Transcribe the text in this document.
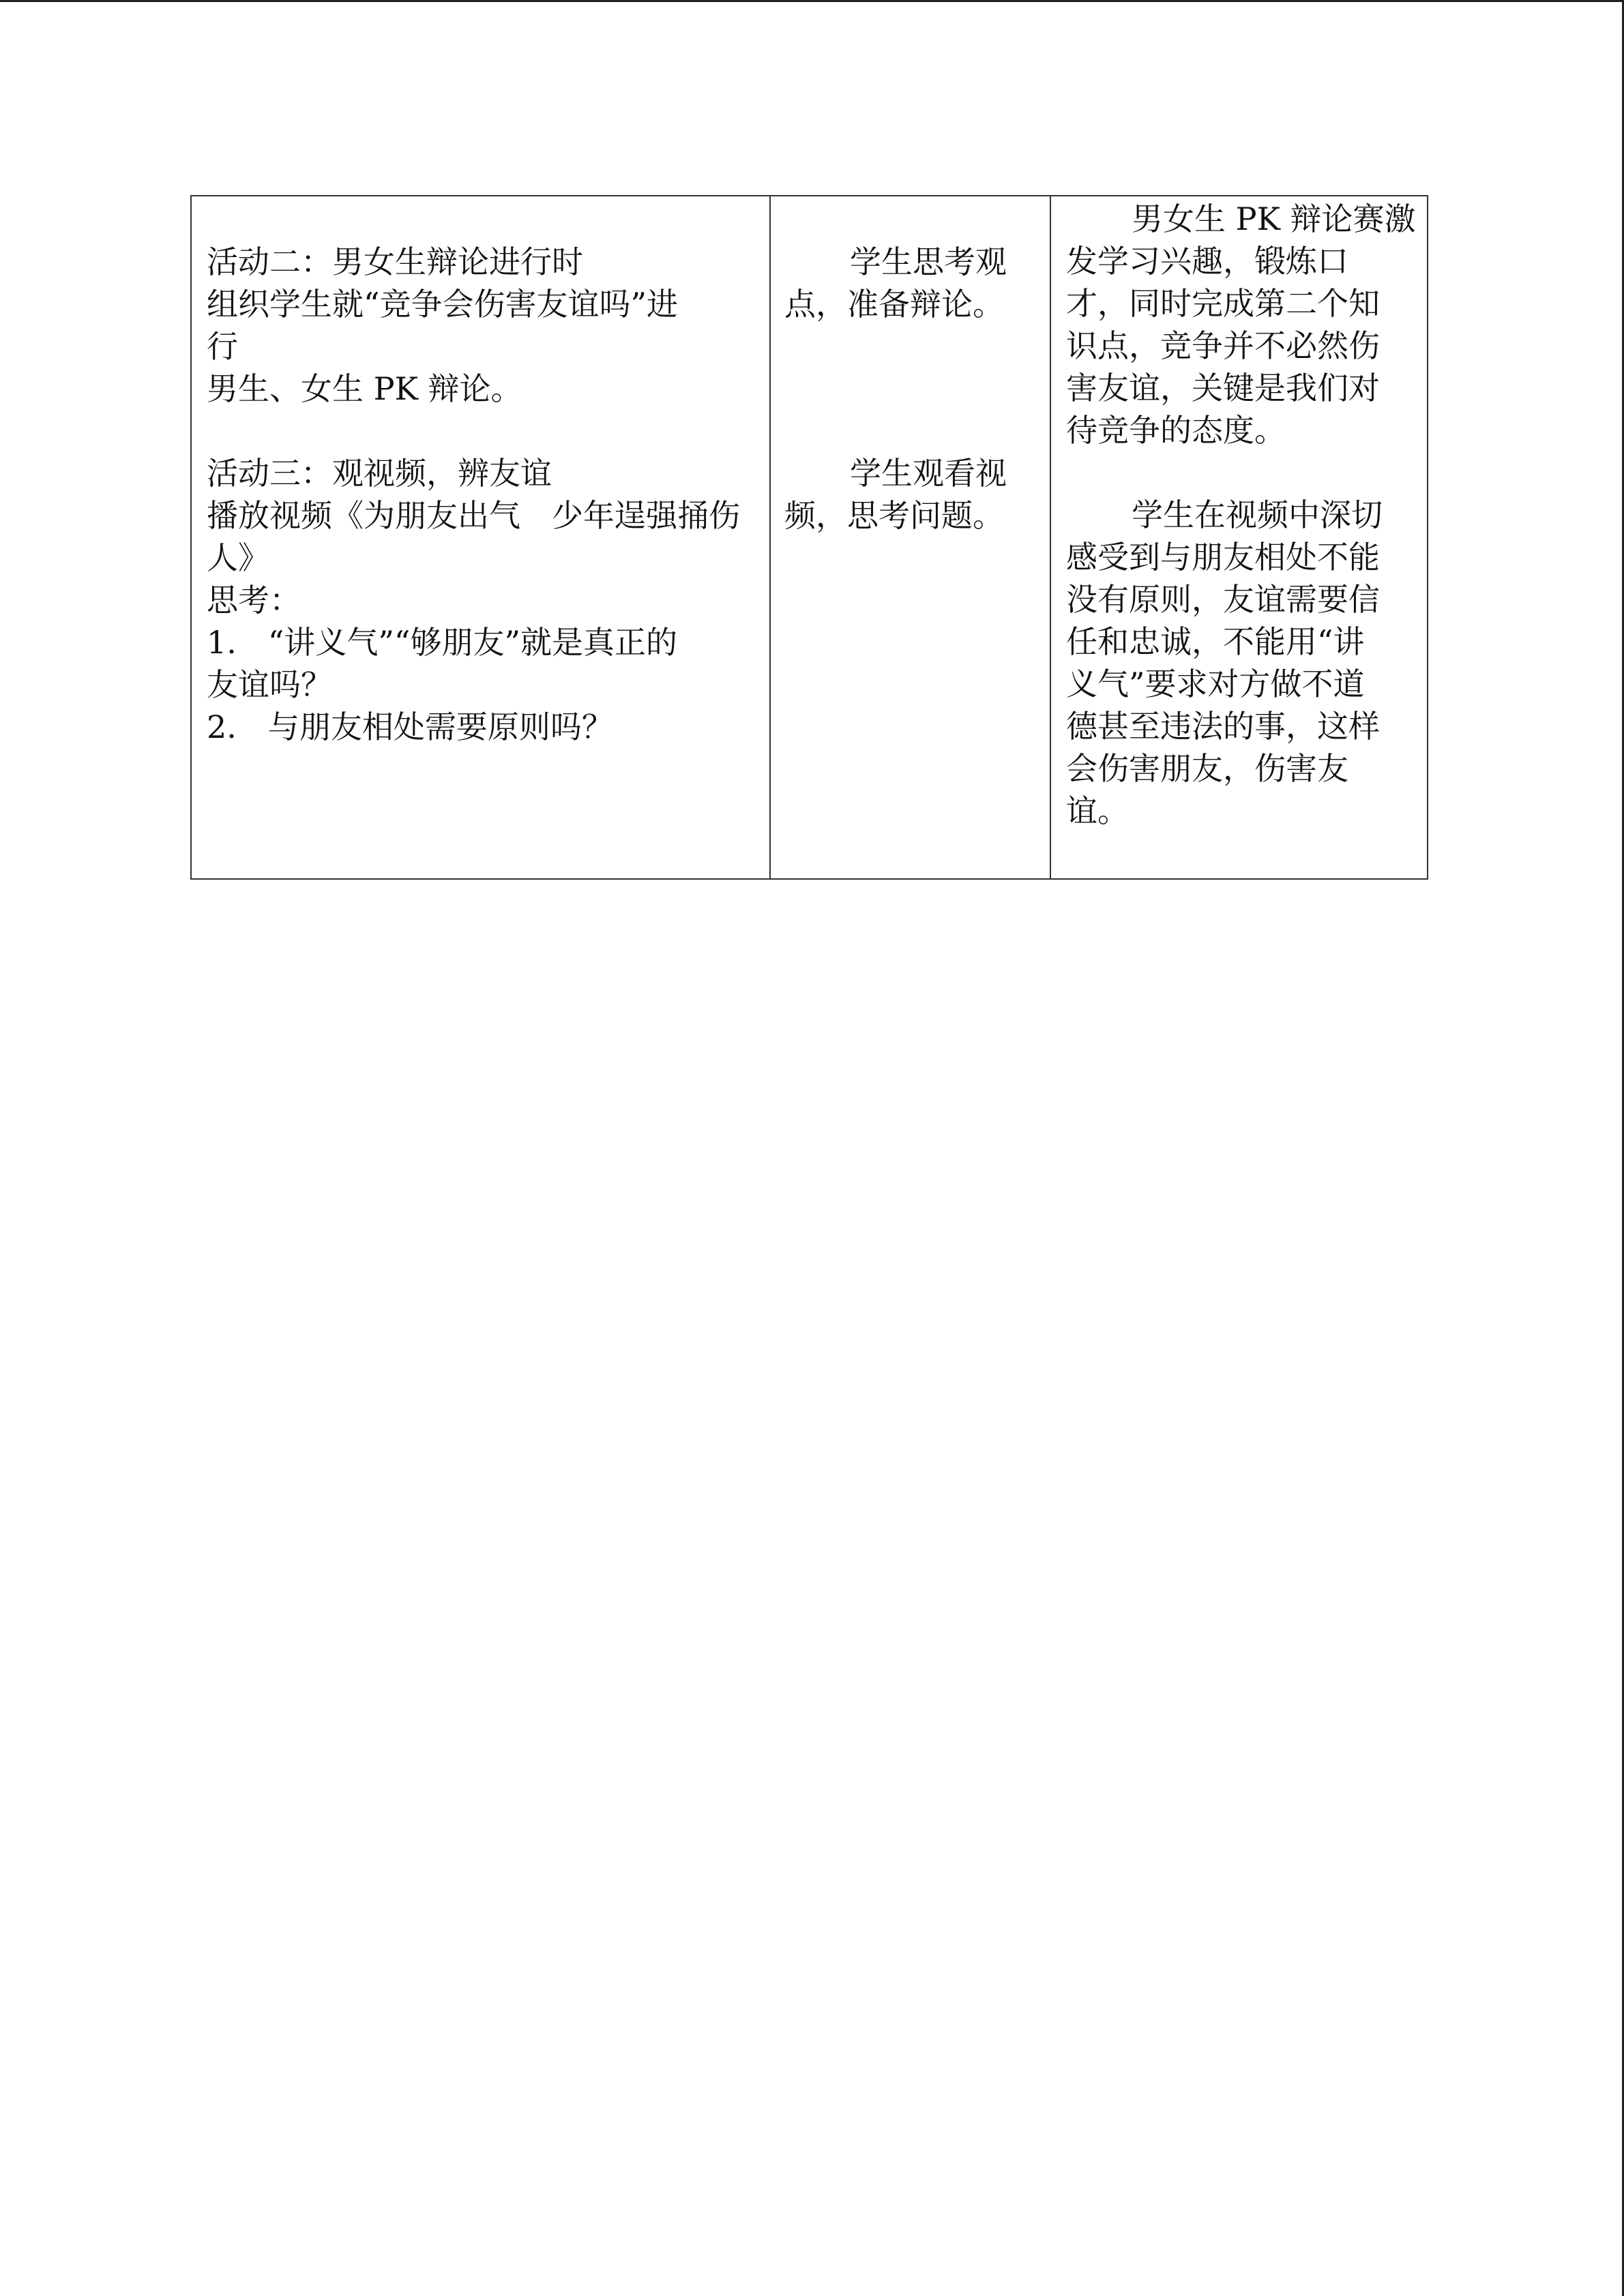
活动二：男女生辩论进行时
组织学生就“竞争会伤害友谊吗”进
行
男生、女生 PK 辩论。
活动三：观视频，辨友谊
播放视频《为朋友出气　少年逞强捅伤
人》
思考：
1.　“讲义气”“够朋友”就是真正的
友谊吗？
2.　与朋友相处需要原则吗？
学生思考观
点，准备辩论。
学生观看视
频，思考问题。
男女生 PK 辩论赛激
发学习兴趣，锻炼口
才，同时完成第二个知
识点，竞争并不必然伤
害友谊，关键是我们对
待竞争的态度。
学生在视频中深切
感受到与朋友相处不能
没有原则，友谊需要信
任和忠诚，不能用“讲
义气”要求对方做不道
德甚至违法的事，这样
会伤害朋友，伤害友
谊。
